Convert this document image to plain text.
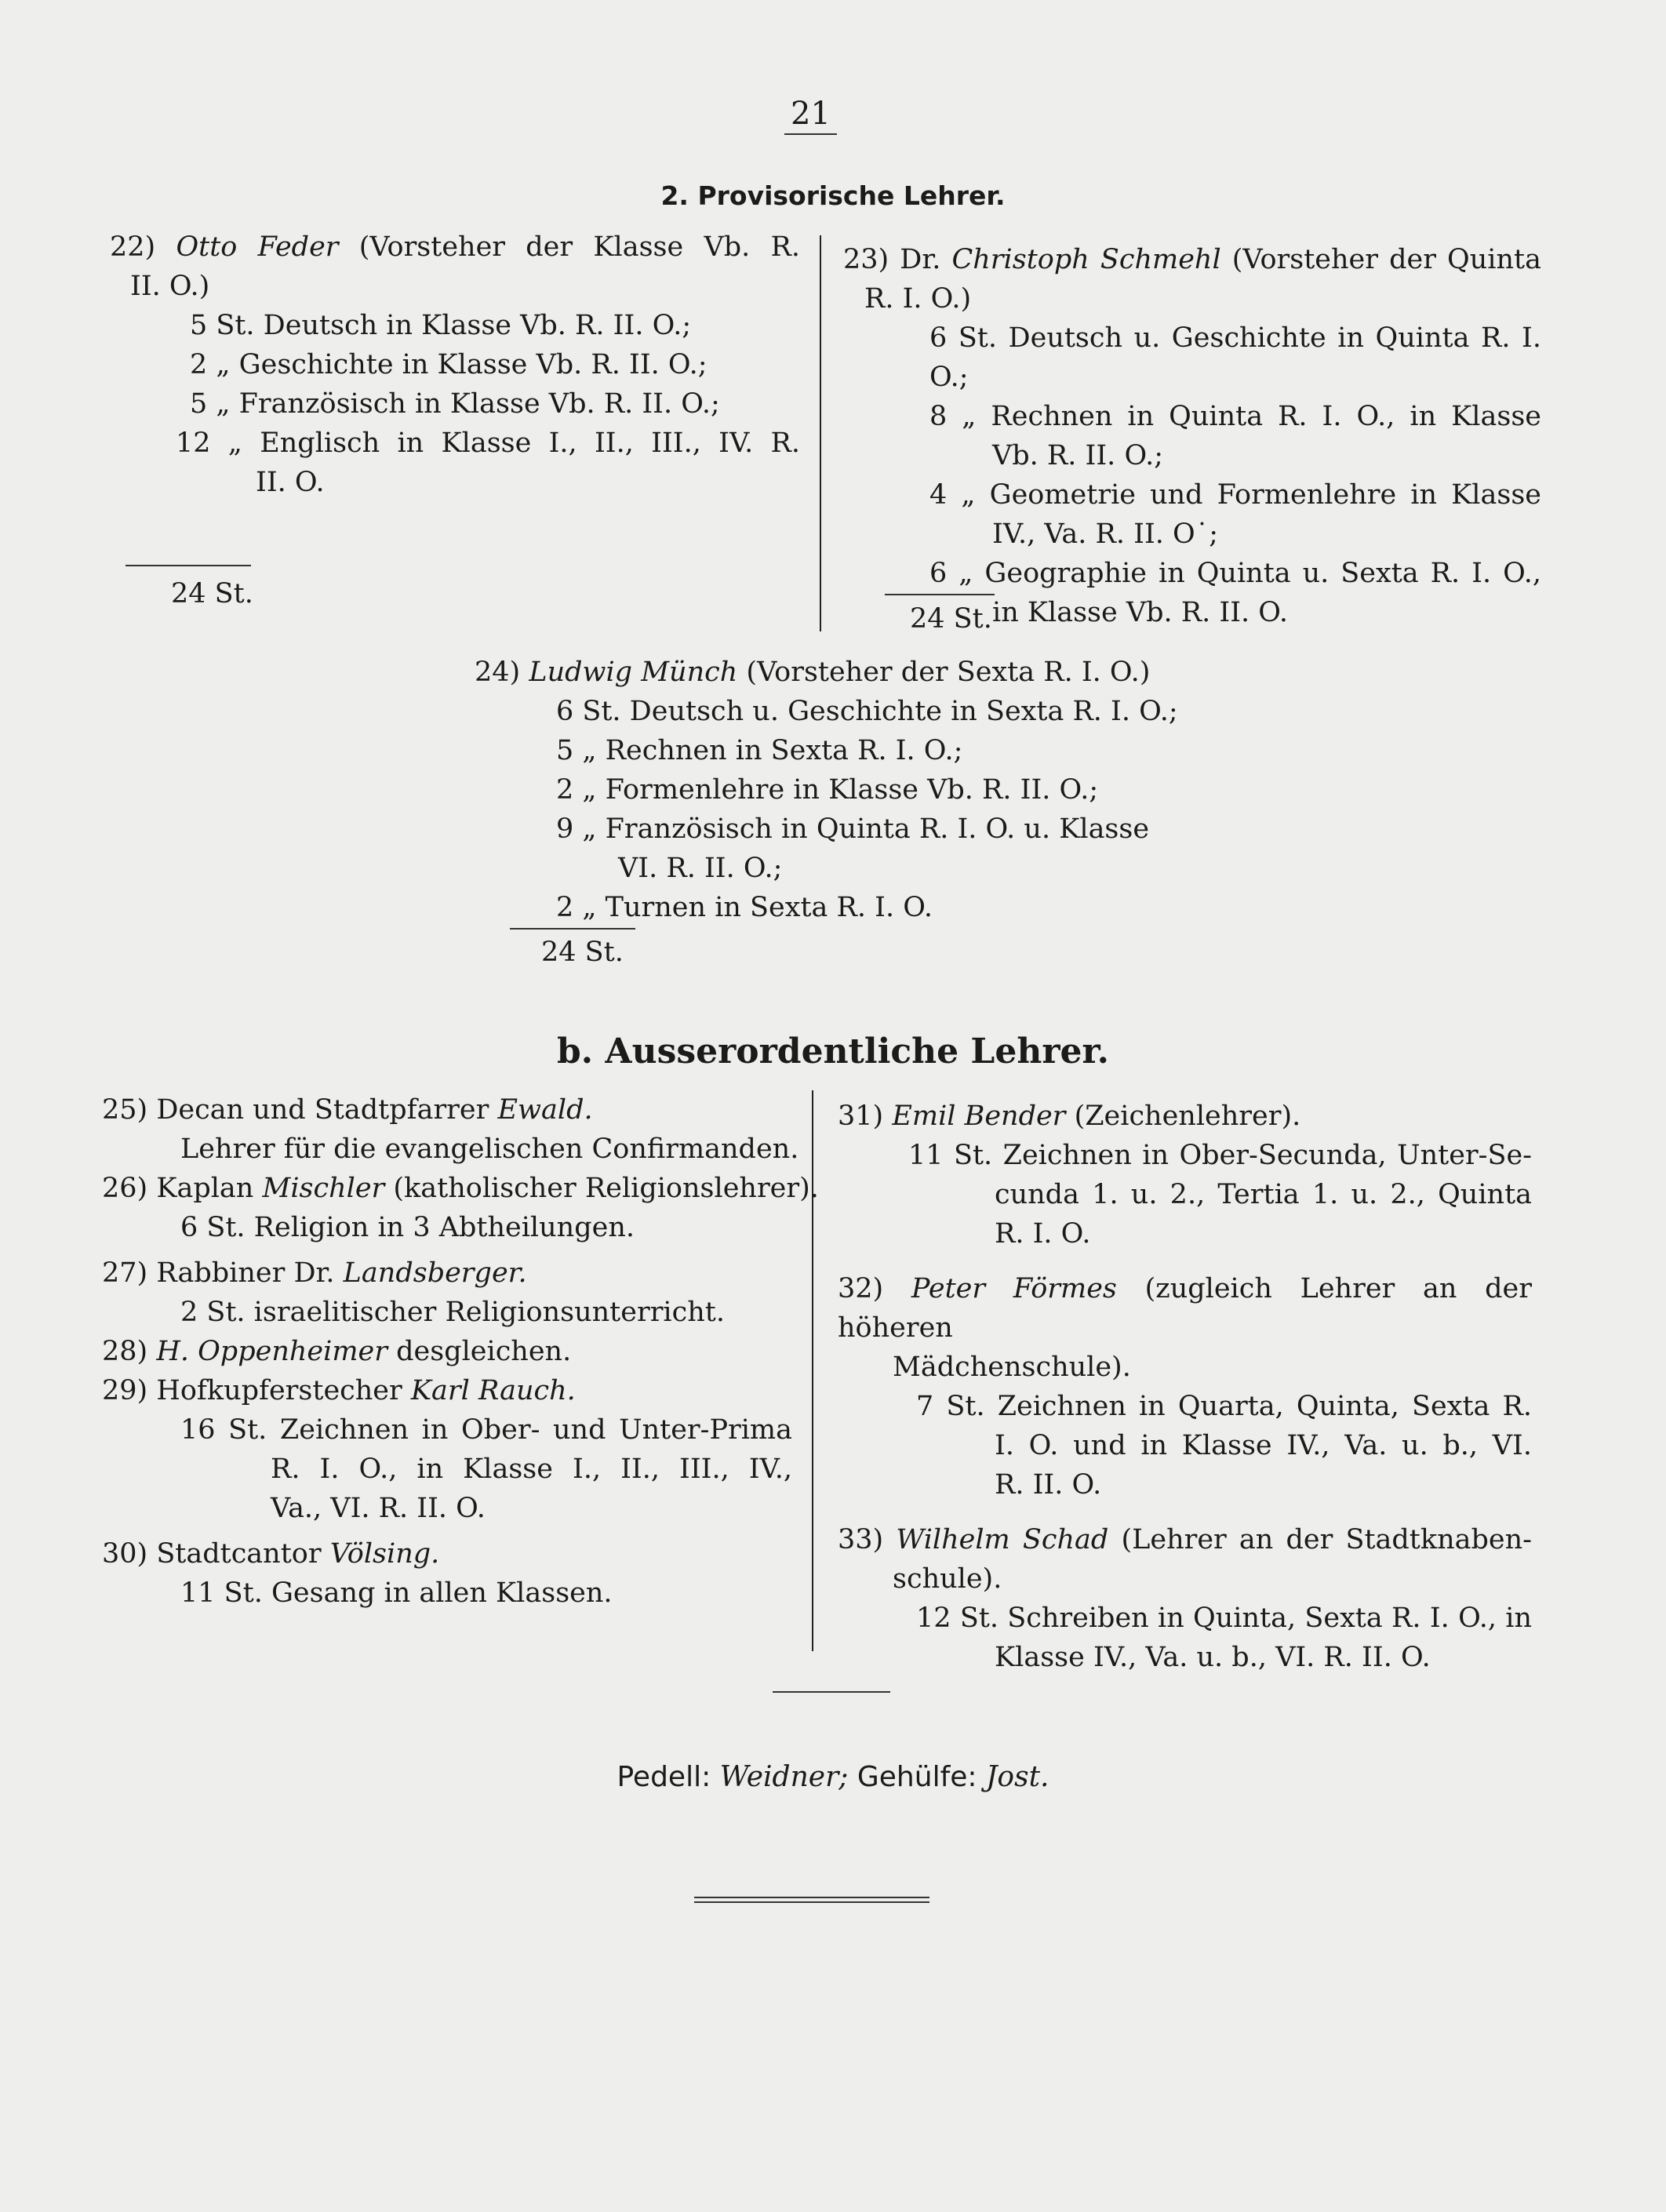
21
2. Provisorische Lehrer.

22) Otto Feder (Vorsteher der Klasse Vb. R.

II. O.)

5 St. Deutsch in Klasse Vb. R. II. O.;

2 „ Geschichte in Klasse Vb. R. II. O.;

5 „ Französisch in Klasse Vb. R. II. O.;

12 „ Englisch in Klasse I., II., III., IV. R.

II. O.

24 St.

23) Dr. Christoph Schmehl (Vorsteher der Quinta

R. I. O.)

6 St. Deutsch u. Geschichte in Quinta R. I. O.;

8 „ Rechnen in Quinta R. I. O., in Klasse

Vb. R. II. O.;

4 „ Geometrie und Formenlehre in Klasse

IV., Va. R. II. O˙;

6 „ Geographie in Quinta u. Sexta R. I. O.,

in Klasse Vb. R. II. O.

24 St.

24) Ludwig Münch (Vorsteher der Sexta R. I. O.)

6 St. Deutsch u. Geschichte in Sexta R. I. O.;

5 „ Rechnen in Sexta R. I. O.;

2 „ Formenlehre in Klasse Vb. R. II. O.;

9 „ Französisch in Quinta R. I. O. u. Klasse

VI. R. II. O.;

2 „ Turnen in Sexta R. I. O.

24 St.
b. Ausserordentliche Lehrer.

25) Decan und Stadtpfarrer Ewald.

Lehrer für die evangelischen Confirmanden.

26) Kaplan Mischler (katholischer Religionslehrer).

6 St. Religion in 3 Abtheilungen.

27) Rabbiner Dr. Landsberger.

2 St. israelitischer Religionsunterricht.

28) H. Oppenheimer desgleichen.

29) Hofkupferstecher Karl Rauch.

16 St. Zeichnen in Ober- und Unter-Prima

R. I. O., in Klasse I., II., III., IV.,

Va., VI. R. II. O.

30) Stadtcantor Völsing.

11 St. Gesang in allen Klassen.

31) Emil Bender (Zeichenlehrer).

11 St. Zeichnen in Ober-Secunda, Unter-Se-

cunda 1. u. 2., Tertia 1. u. 2., Quinta

R. I. O.

32) Peter Förmes (zugleich Lehrer an der höheren

Mädchenschule).

7 St. Zeichnen in Quarta, Quinta, Sexta R.

I. O. und in Klasse IV., Va. u. b., VI.

R. II. O.

33) Wilhelm Schad (Lehrer an der Stadtknaben-

schule).

12 St. Schreiben in Quinta, Sexta R. I. O., in

Klasse IV., Va. u. b., VI. R. II. O.

Pedell: Weidner; Gehülfe: Jost.
